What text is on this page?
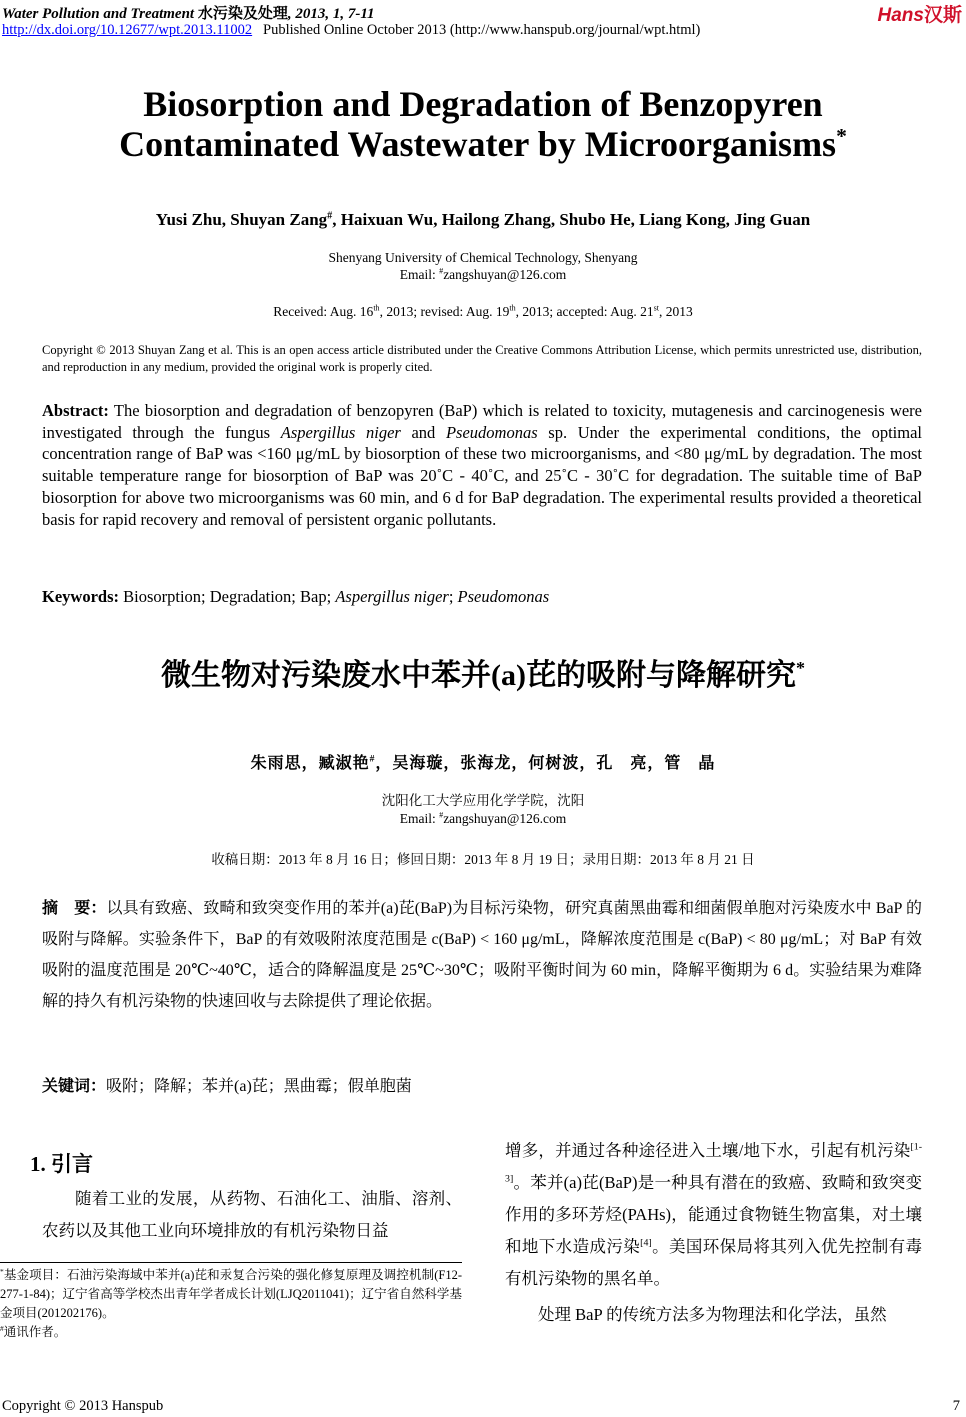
Water Pollution and Treatment 水污染及处理, 2013, 1, 7-11
http://dx.doi.org/10.12677/wpt.2013.11002 Published Online October 2013 (http://www.hanspub.org/journal/wpt.html)
Hans汉斯
Biosorption and Degradation of Benzopyren
Contaminated Wastewater by Microorganisms*
Yusi Zhu, Shuyan Zang#, Haixuan Wu, Hailong Zhang, Shubo He, Liang Kong, Jing Guan
Shenyang University of Chemical Technology, Shenyang
Email: #zangshuyan@126.com
Received: Aug. 16th, 2013; revised: Aug. 19th, 2013; accepted: Aug. 21st, 2013
Copyright © 2013 Shuyan Zang et al. This is an open access article distributed under the Creative Commons Attribution License, which permits unrestricted use, distribution, and reproduction in any medium, provided the original work is properly cited.
Abstract: The biosorption and degradation of benzopyren (BaP) which is related to toxicity, mutagenesis and carcinogenesis were investigated through the fungus Aspergillus niger and Pseudomonas sp. Under the experimental conditions, the optimal concentration range of BaP was <160 μg/mL by biosorption of these two microorganisms, and <80 μg/mL by degradation. The most suitable temperature range for biosorption of BaP was 20˚C - 40˚C, and 25˚C - 30˚C for degradation. The suitable time of BaP biosorption for above two microorganisms was 60 min, and 6 d for BaP degradation. The experimental results provided a theoretical basis for rapid recovery and removal of persistent organic pollutants.
Keywords: Biosorption; Degradation; Bap; Aspergillus niger; Pseudomonas
微生物对污染废水中苯并(a)芘的吸附与降解研究*
朱雨思，臧淑艳#，吴海璇，张海龙，何树波，孔　亮，管　晶
沈阳化工大学应用化学学院，沈阳
Email: #zangshuyan@126.com
收稿日期：2013 年 8 月 16 日；修回日期：2013 年 8 月 19 日；录用日期：2013 年 8 月 21 日
摘　要：以具有致癌、致畸和致突变作用的苯并(a)芘(BaP)为目标污染物，研究真菌黑曲霉和细菌假单胞对污染废水中 BaP 的吸附与降解。实验条件下，BaP 的有效吸附浓度范围是 c(BaP) < 160 μg/mL，降解浓度范围是 c(BaP) < 80 μg/mL；对 BaP 有效吸附的温度范围是 20℃~40℃，适合的降解温度是 25℃~30℃；吸附平衡时间为 60 min，降解平衡期为 6 d。实验结果为难降解的持久有机污染物的快速回收与去除提供了理论依据。
关键词：吸附；降解；苯并(a)芘；黑曲霉；假单胞菌
1. 引言
随着工业的发展，从药物、石油化工、油脂、溶剂、农药以及其他工业向环境排放的有机污染物日益

增多，并通过各种途径进入土壤/地下水，引起有机污染[1-3]。苯并(a)芘(BaP)是一种具有潜在的致癌、致畸和致突变作用的多环芳烃(PAHs)，能通过食物链生物富集，对土壤和地下水造成污染[4]。美国环保局将其列入优先控制有毒有机污染物的黑名单。

处理 BaP 的传统方法多为物理法和化学法，虽然

*基金项目：石油污染海域中苯并(a)芘和汞复合污染的强化修复原理及调控机制(F12-277-1-84)；辽宁省高等学校杰出青年学者成长计划(LJQ2011041)；辽宁省自然科学基金项目(201202176)。
#通讯作者。
Copyright © 2013 Hanspub	7
